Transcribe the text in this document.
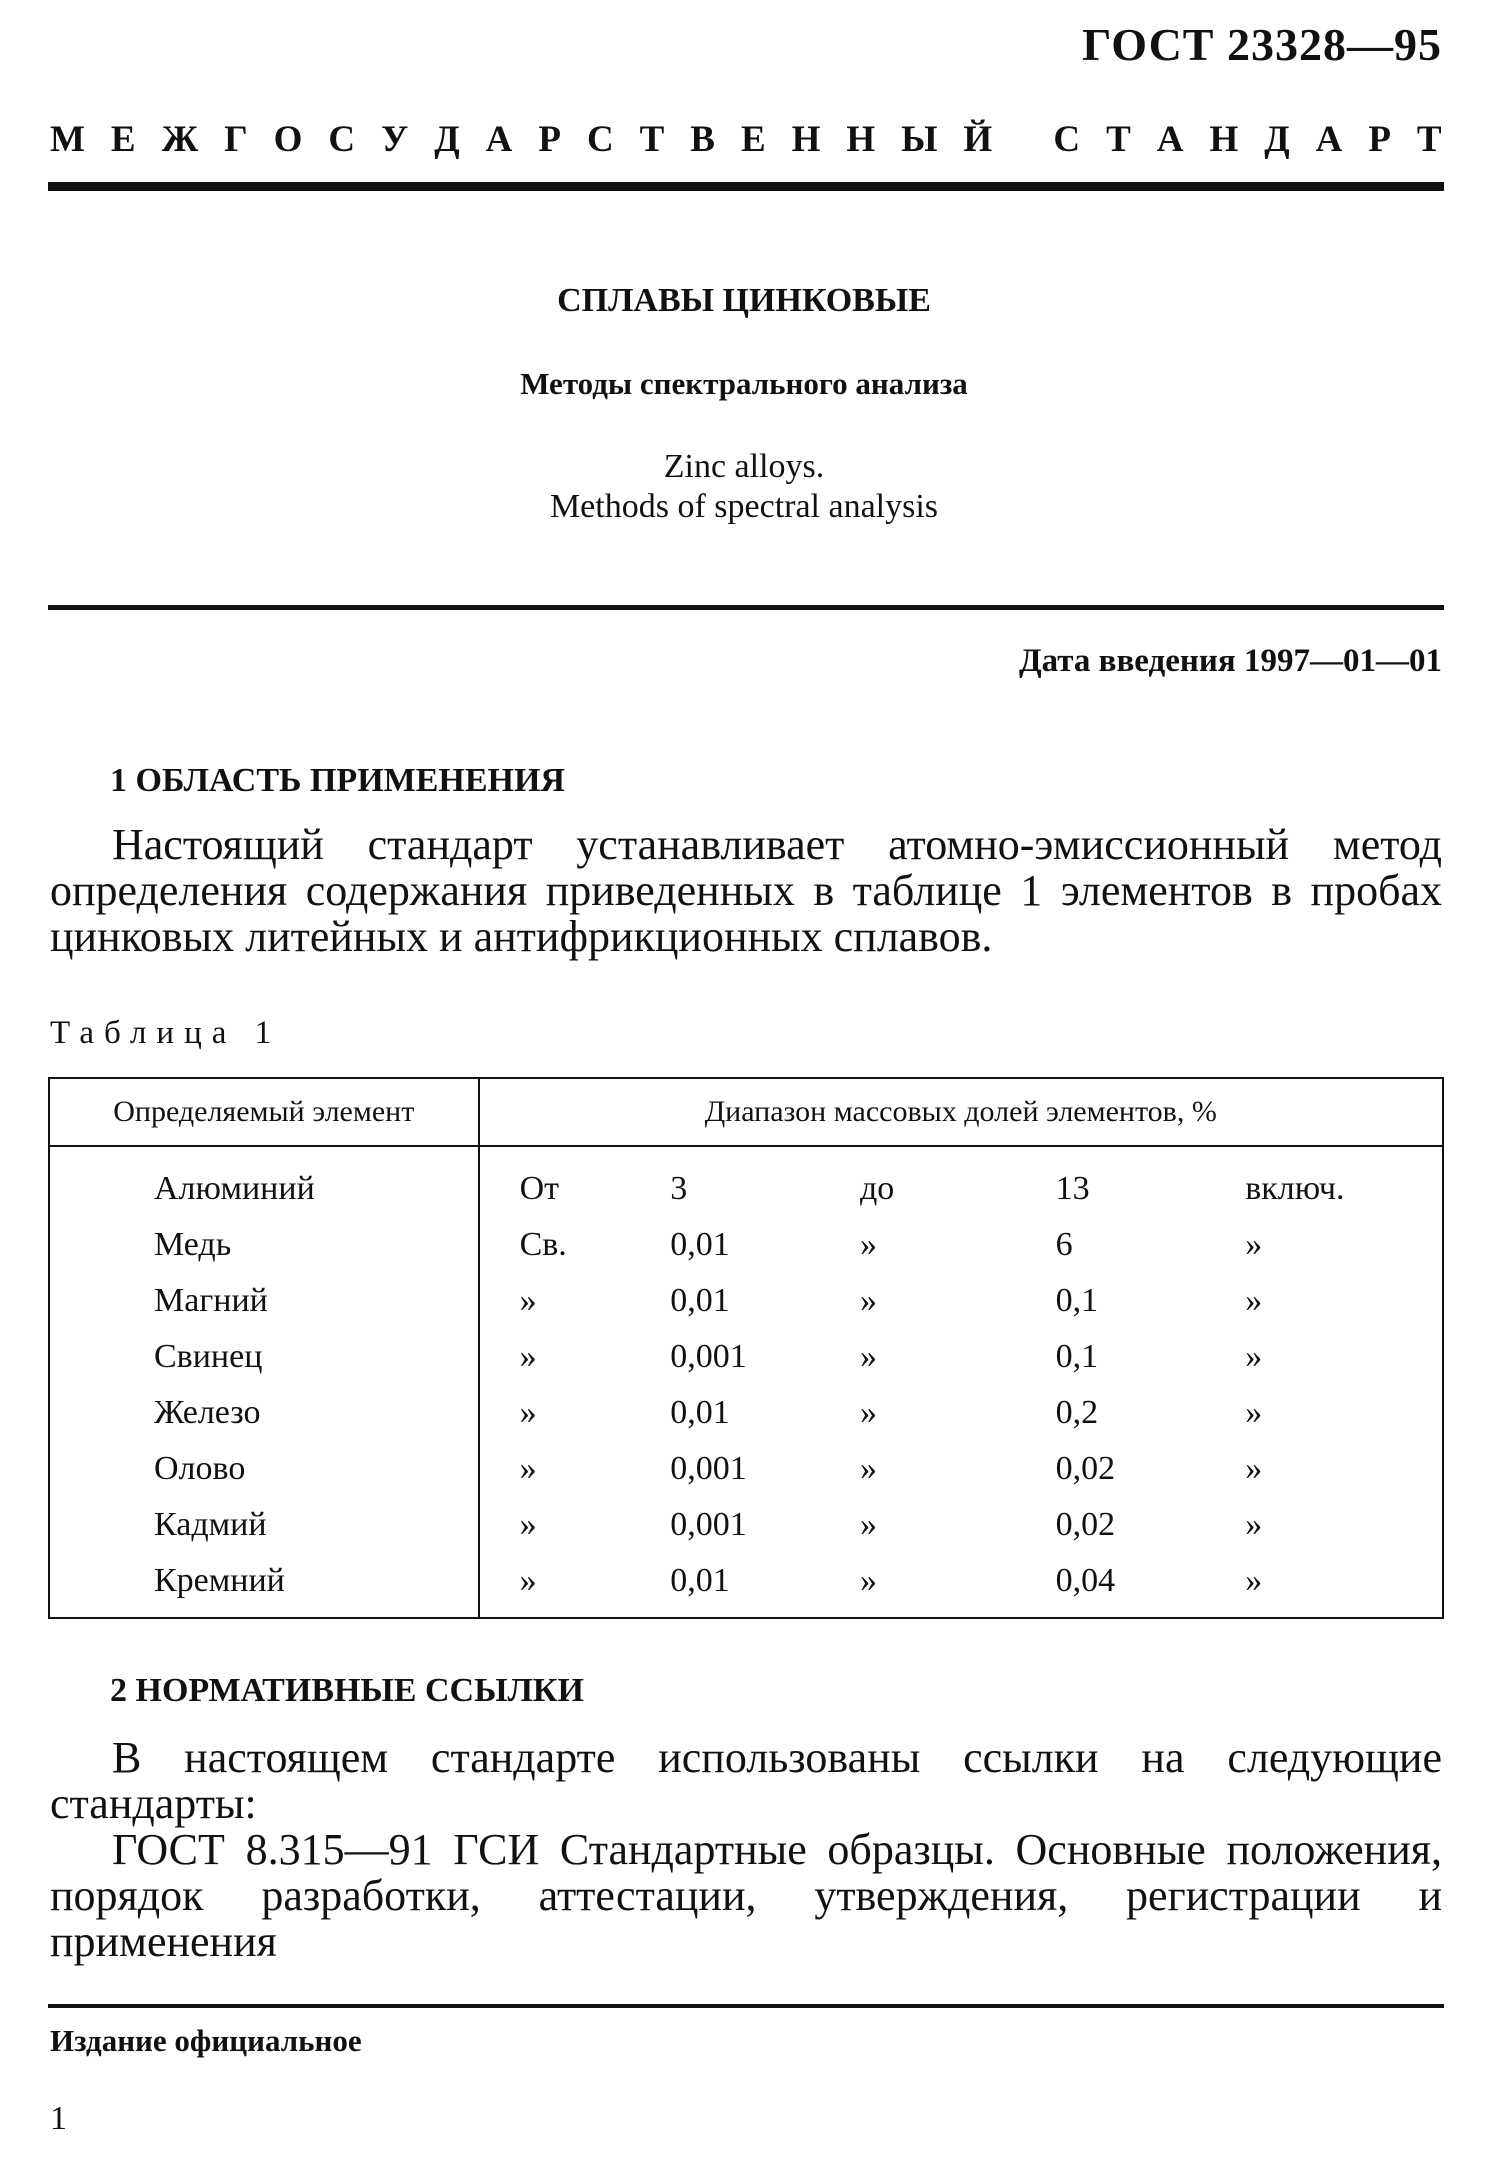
ГОСТ 23328—95
М Е Ж Г О С У Д А Р С Т В Е Н Н Ы Й
С Т А Н Д А Р Т
СПЛАВЫ ЦИНКОВЫЕ
Методы спектрального анализа
Zinc alloys.
Methods of spectral analysis
Дата введения 1997—01—01
1 ОБЛАСТЬ ПРИМЕНЕНИЯ
Настоящий стандарт устанавливает атомно-эмиссионный метод определения содержания приведенных в таблице 1 элементов в пробах цинковых литейных и антифрикционных сплавов.
Таблица 1
Определяемый элемент	Диапазон массовых долей элементов, %				
Алюминий	От	3	до	13	включ.
Медь	Св.	0,01	»	6	»
Магний	»	0,01	»	0,1	»
Свинец	»	0,001	»	0,1	»
Железо	»	0,01	»	0,2	»
Олово	»	0,001	»	0,02	»
Кадмий	»	0,001	»	0,02	»
Кремний	»	0,01	»	0,04	»
2 НОРМАТИВНЫЕ ССЫЛКИ
В настоящем стандарте использованы ссылки на следующие стандарты:
ГОСТ 8.315—91 ГСИ Стандартные образцы. Основные положения, порядок разработки, аттестации, утверждения, регистрации и применения
Издание официальное
1
